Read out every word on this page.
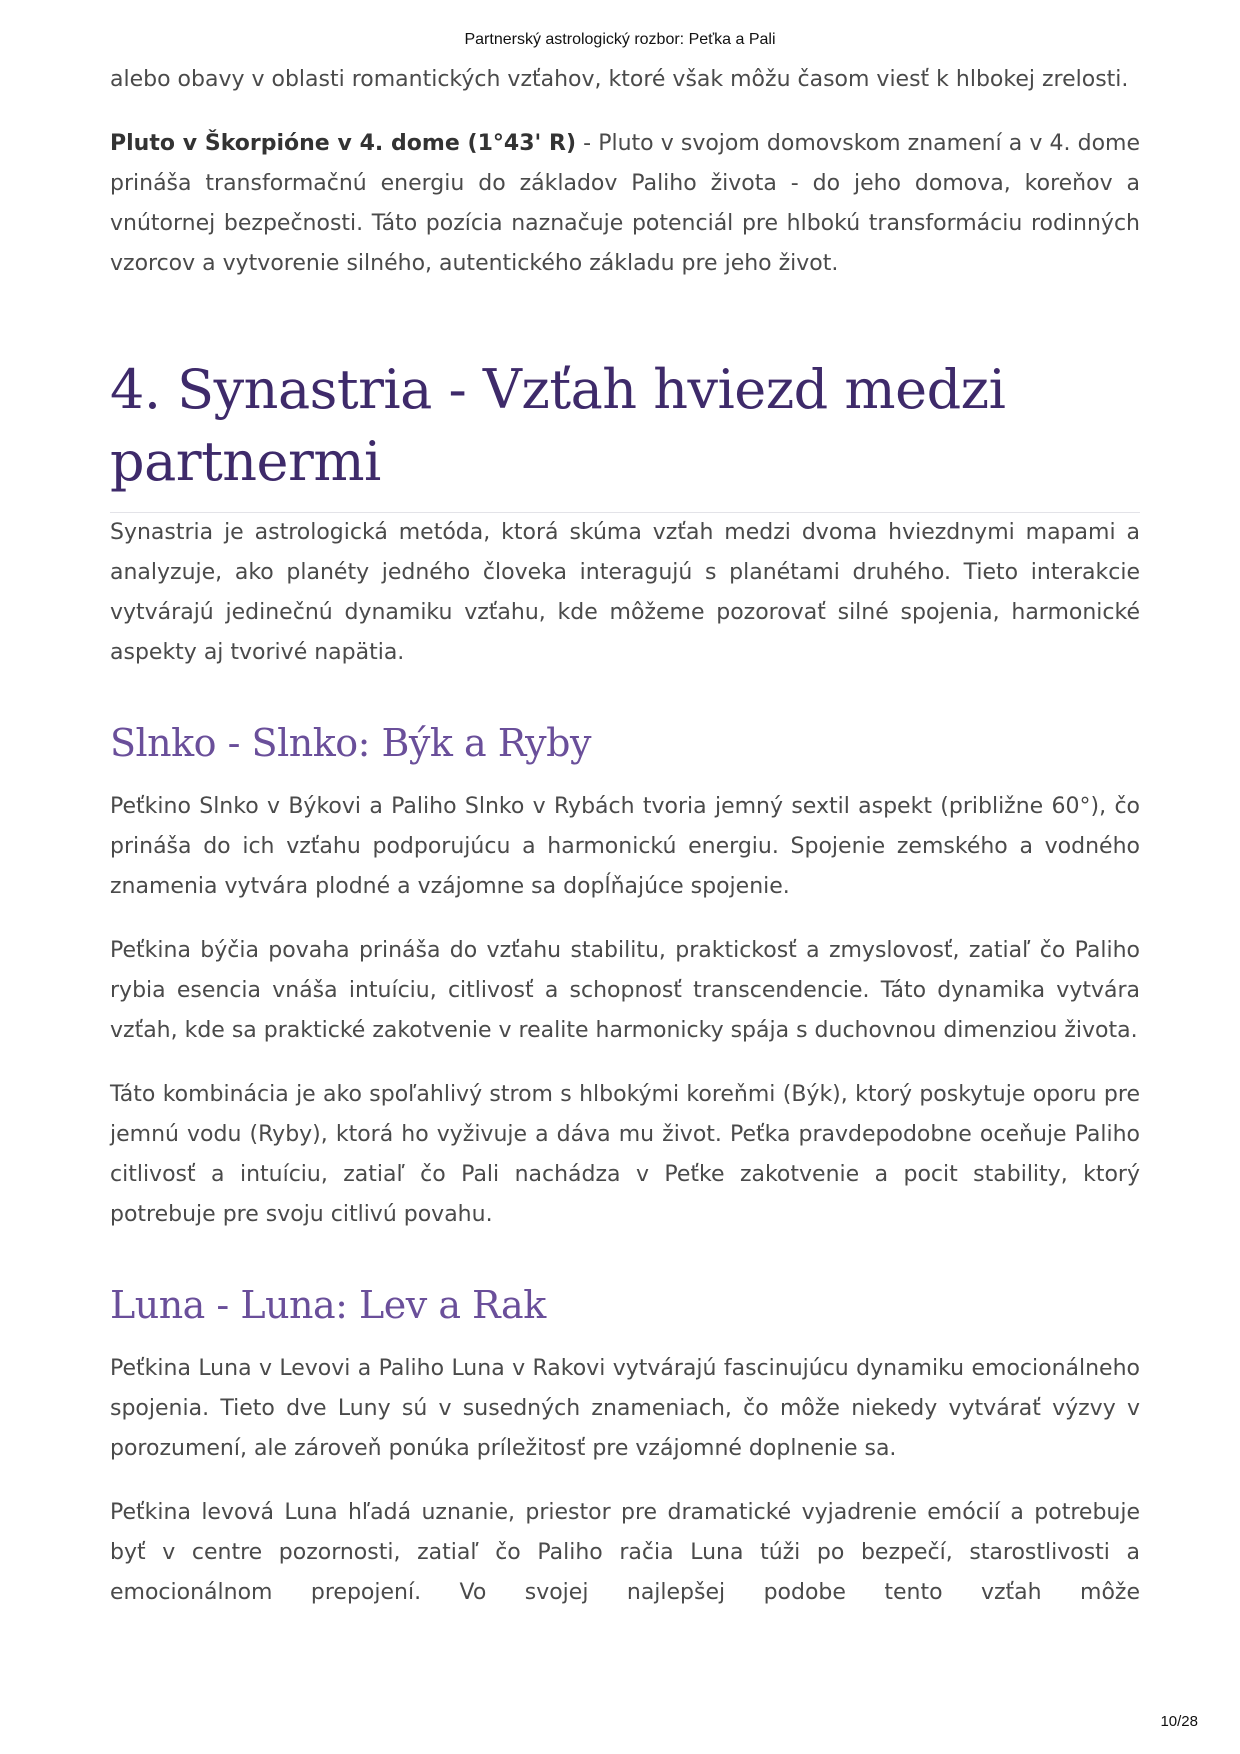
Partnerský astrologický rozbor: Peťka a Pali

alebo obavy v oblasti romantických vzťahov, ktoré však môžu časom viesť k hlbokej zrelosti.

Pluto v Škorpióne v 4. dome (1°43' R) - Pluto v svojom domovskom znamení a v 4. dome prináša transformačnú energiu do základov Paliho života - do jeho domova, koreňov a vnútornej bezpečnosti. Táto pozícia naznačuje potenciál pre hlbokú transformáciu rodinných vzorcov a vytvorenie silného, autentického základu pre jeho život.

4. Synastria - Vzťah hviezd medzi partnermi

Synastria je astrologická metóda, ktorá skúma vzťah medzi dvoma hviezdnymi mapami a analyzuje, ako planéty jedného človeka interagujú s planétami druhého. Tieto interakcie vytvárajú jedinečnú dynamiku vzťahu, kde môžeme pozorovať silné spojenia, harmonické aspekty aj tvorivé napätia.

Slnko - Slnko: Býk a Ryby

Peťkino Slnko v Býkovi a Paliho Slnko v Rybách tvoria jemný sextil aspekt (približne 60°), čo prináša do ich vzťahu podporujúcu a harmonickú energiu. Spojenie zemského a vodného znamenia vytvára plodné a vzájomne sa dopĺňajúce spojenie.

Peťkina býčia povaha prináša do vzťahu stabilitu, praktickosť a zmyslovosť, zatiaľ čo Paliho rybia esencia vnáša intuíciu, citlivosť a schopnosť transcendencie. Táto dynamika vytvára vzťah, kde sa praktické zakotvenie v realite harmonicky spája s duchovnou dimenziou života.

Táto kombinácia je ako spoľahlivý strom s hlbokými koreňmi (Býk), ktorý poskytuje oporu pre jemnú vodu (Ryby), ktorá ho vyživuje a dáva mu život. Peťka pravdepodobne oceňuje Paliho citlivosť a intuíciu, zatiaľ čo Pali nachádza v Peťke zakotvenie a pocit stability, ktorý potrebuje pre svoju citlivú povahu.

Luna - Luna: Lev a Rak

Peťkina Luna v Levovi a Paliho Luna v Rakovi vytvárajú fascinujúcu dynamiku emocionálneho spojenia. Tieto dve Luny sú v susedných znameniach, čo môže niekedy vytvárať výzvy v porozumení, ale zároveň ponúka príležitosť pre vzájomné doplnenie sa.

Peťkina levová Luna hľadá uznanie, priestor pre dramatické vyjadrenie emócií a potrebuje byť v centre pozornosti, zatiaľ čo Paliho račia Luna túži po bezpečí, starostlivosti a emocionálnom prepojení. Vo svojej najlepšej podobe tento vzťah môže

10/28
